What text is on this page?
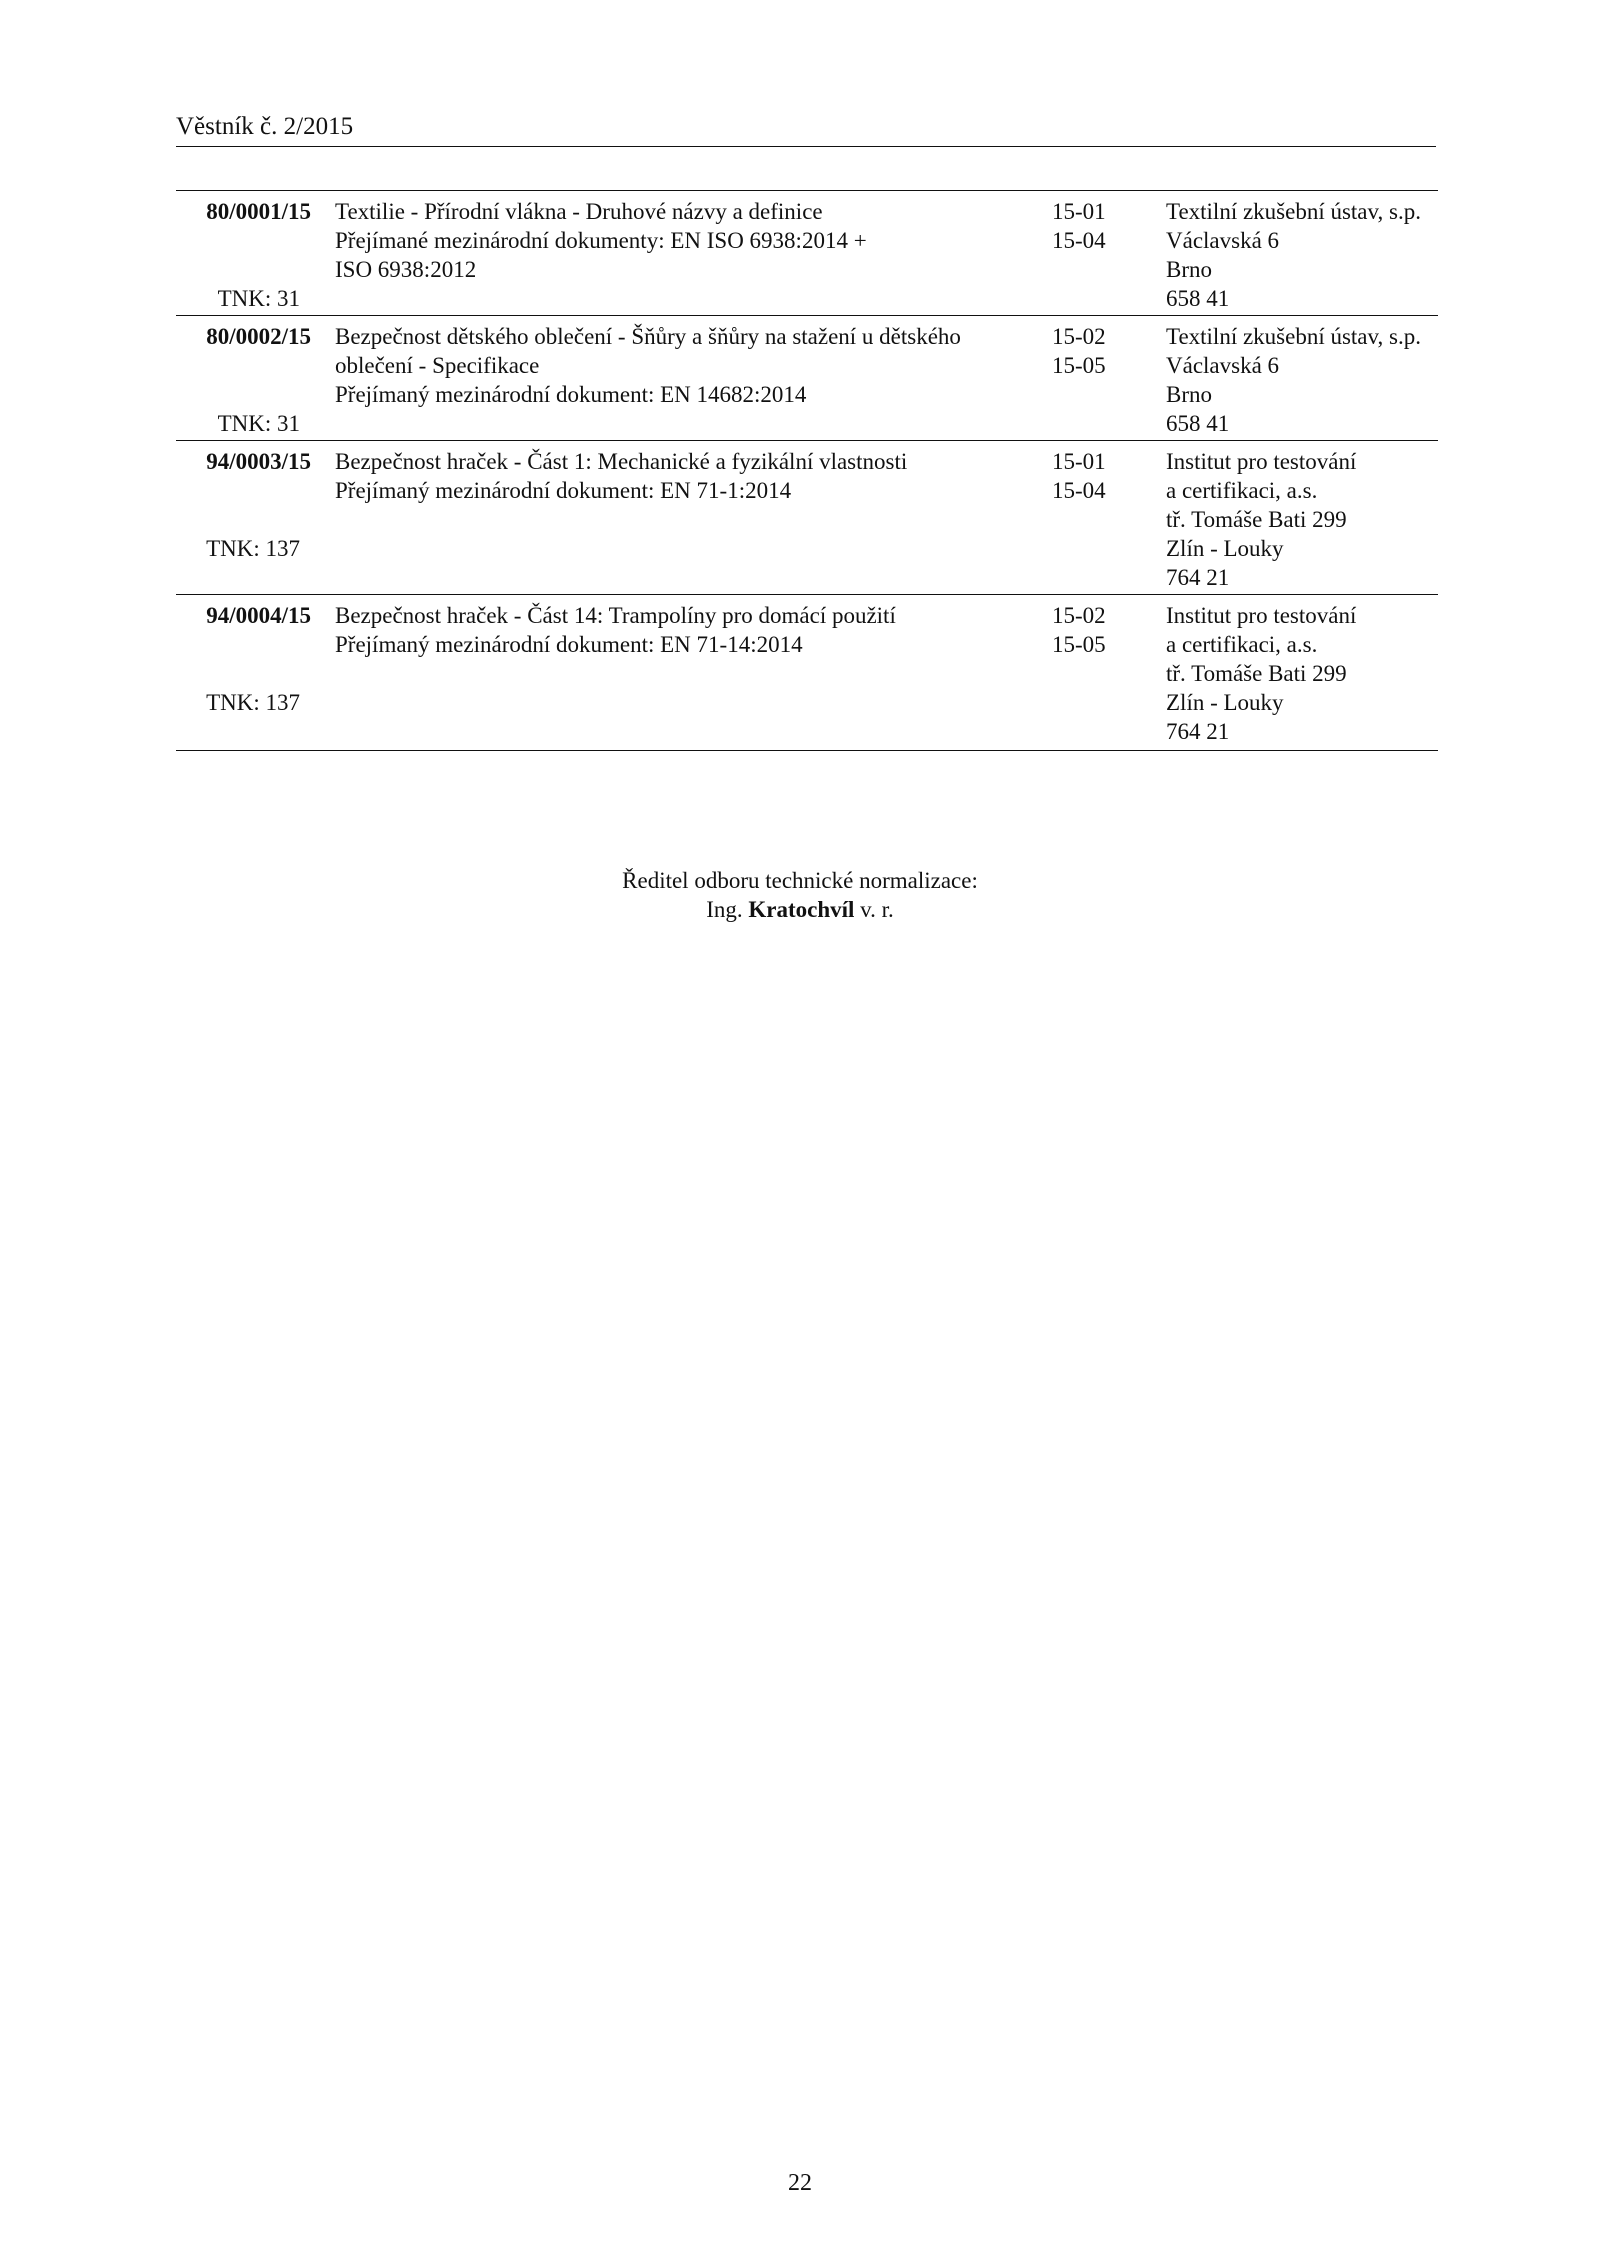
Věstník č. 2/2015
80/0001/15
TNK: 31
Textilie - Přírodní vlákna - Druhové názvy a definice
Přejímané mezinárodní dokumenty: EN ISO 6938:2014 +
ISO 6938:2012
15-01
15-04
Textilní zkušební ústav, s.p.
Václavská 6
Brno
658 41
80/0002/15
TNK: 31
Bezpečnost dětského oblečení - Šňůry a šňůry na stažení u dětského
oblečení - Specifikace
Přejímaný mezinárodní dokument: EN 14682:2014
15-02
15-05
Textilní zkušební ústav, s.p.
Václavská 6
Brno
658 41
94/0003/15
TNK: 137
Bezpečnost hraček - Část 1: Mechanické a fyzikální vlastnosti
Přejímaný mezinárodní dokument: EN 71-1:2014
15-01
15-04
Institut pro testování
a certifikaci, a.s.
tř. Tomáše Bati 299
Zlín - Louky
764 21
94/0004/15
TNK: 137
Bezpečnost hraček - Část 14: Trampolíny pro domácí použití
Přejímaný mezinárodní dokument: EN 71-14:2014
15-02
15-05
Institut pro testování
a certifikaci, a.s.
tř. Tomáše Bati 299
Zlín - Louky
764 21
Ředitel odboru technické normalizace:
Ing. Kratochvíl v. r.
22
